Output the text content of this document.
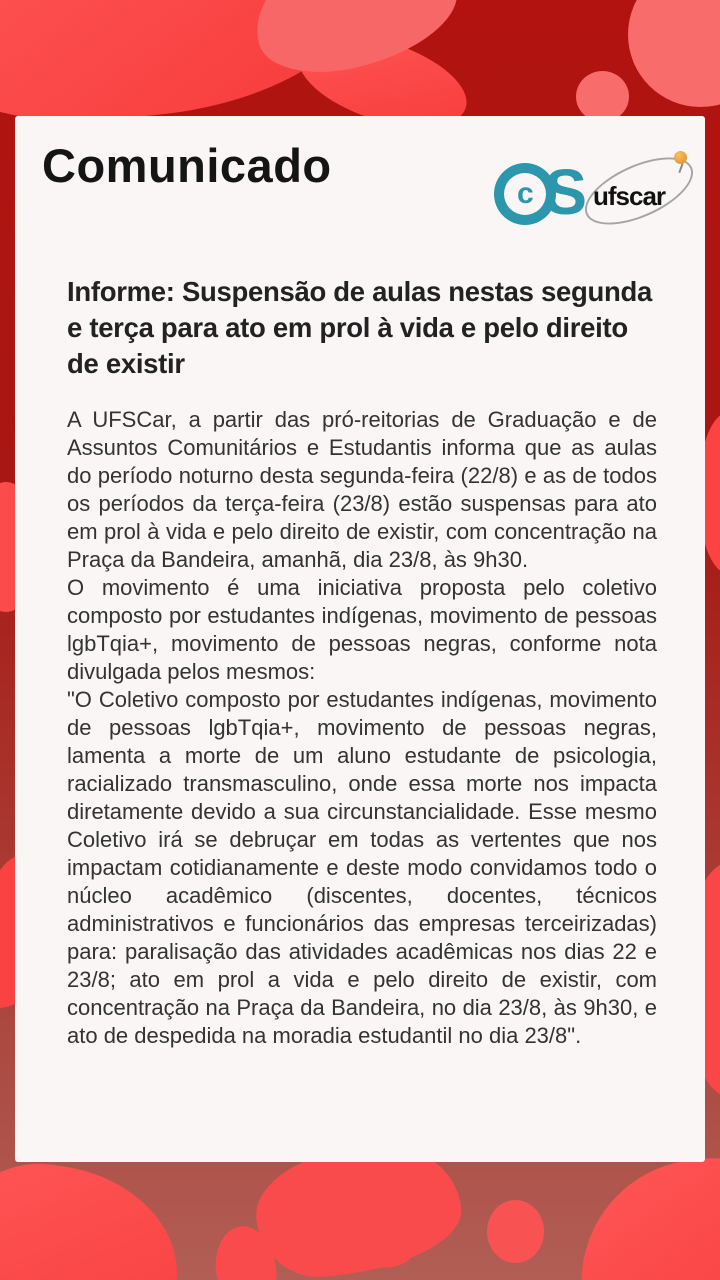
Comunicado
c S ufscar
Informe: Suspensão de aulas nestas segunda e terça para ato em prol à vida e pelo direito de existir

A UFSCar, a partir das pró-reitorias de Graduação e de Assuntos Comunitários e Estudantis informa que as aulas do período noturno desta segunda-feira (22/8) e as de todos os períodos da terça-feira (23/8) estão suspensas para ato em prol à vida e pelo direito de existir, com concentração na Praça da Bandeira, amanhã, dia 23/8, às 9h30.

O movimento é uma iniciativa proposta pelo coletivo composto por estudantes indígenas, movimento de pessoas lgbTqia+, movimento de pessoas negras, conforme nota divulgada pelos mesmos:

"O Coletivo composto por estudantes indígenas, movimento de pessoas lgbTqia+, movimento de pessoas negras, lamenta a morte de um aluno estudante de psicologia, racializado transmasculino, onde essa morte nos impacta diretamente devido a sua circunstancialidade. Esse mesmo Coletivo irá se debruçar em todas as vertentes que nos impactam cotidianamente e deste modo convidamos todo o núcleo acadêmico (discentes, docentes, técnicos administrativos e funcionários das empresas terceirizadas) para: paralisação das atividades acadêmicas nos dias 22 e 23/8; ato em prol a vida e pelo direito de existir, com concentração na Praça da Bandeira, no dia 23/8, às 9h30, e ato de despedida na moradia estudantil no dia 23/8".
